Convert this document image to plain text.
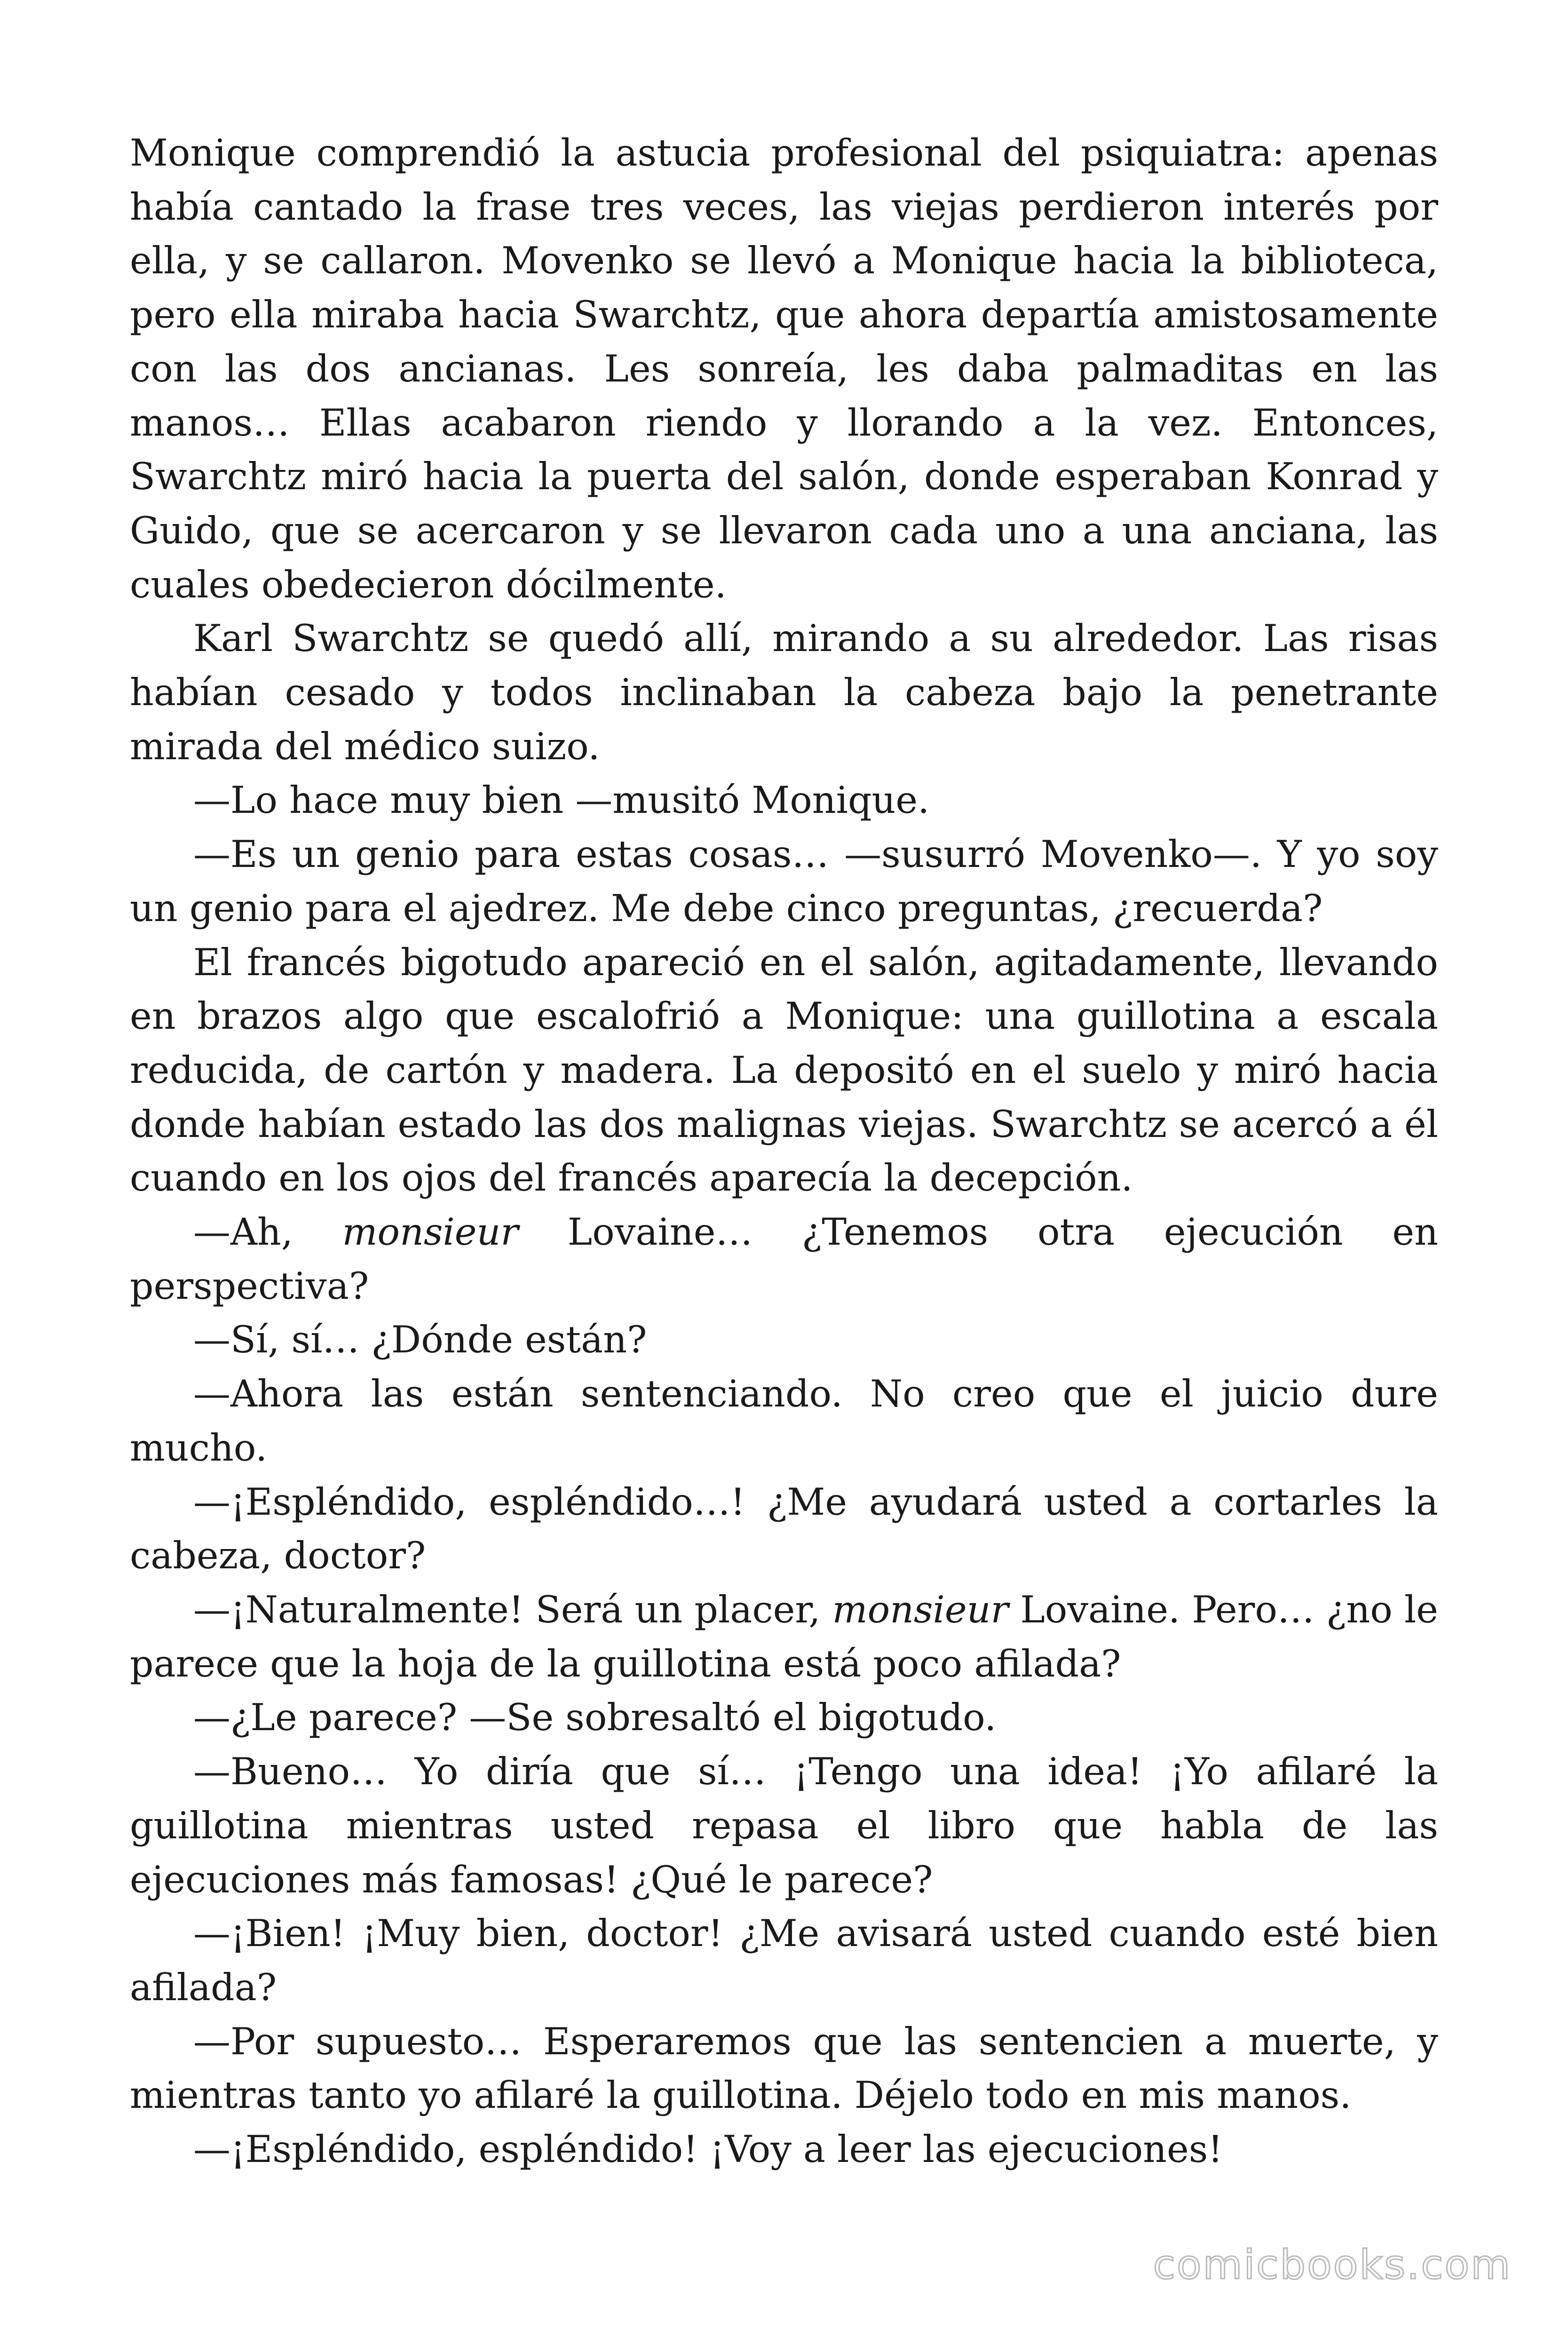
Monique comprendió la astucia profesional del psiquiatra: apenas había cantado la frase tres veces, las viejas perdieron interés por ella, y se callaron. Movenko se llevó a Monique hacia la biblioteca, pero ella miraba hacia Swarchtz, que ahora departía amistosamente con las dos ancianas. Les sonreía, les daba palmaditas en las manos… Ellas acabaron riendo y llorando a la vez. Entonces, Swarchtz miró hacia la puerta del salón, donde esperaban Konrad y Guido, que se acercaron y se llevaron cada uno a una anciana, las cuales obedecieron dócilmente.

Karl Swarchtz se quedó allí, mirando a su alrededor. Las risas habían cesado y todos inclinaban la cabeza bajo la penetrante mirada del médico suizo.

—Lo hace muy bien —musitó Monique.

—Es un genio para estas cosas… —susurró Movenko—. Y yo soy un genio para el ajedrez. Me debe cinco preguntas, ¿recuerda?

El francés bigotudo apareció en el salón, agitadamente, llevando en brazos algo que escalofrió a Monique: una guillotina a escala reducida, de cartón y madera. La depositó en el suelo y miró hacia donde habían estado las dos malignas viejas. Swarchtz se acercó a él cuando en los ojos del francés aparecía la decepción.

—Ah, monsieur Lovaine… ¿Tenemos otra ejecución en perspectiva?

—Sí, sí… ¿Dónde están?

—Ahora las están sentenciando. No creo que el juicio dure mucho.

—¡Espléndido, espléndido…! ¿Me ayudará usted a cortarles la cabeza, doctor?

—¡Naturalmente! Será un placer, monsieur Lovaine. Pero… ¿no le parece que la hoja de la guillotina está poco afilada?

—¿Le parece? —Se sobresaltó el bigotudo.

—Bueno… Yo diría que sí… ¡Tengo una idea! ¡Yo afilaré la guillotina mientras usted repasa el libro que habla de las ejecuciones más famosas! ¿Qué le parece?

—¡Bien! ¡Muy bien, doctor! ¿Me avisará usted cuando esté bien afilada?

—Por supuesto… Esperaremos que las sentencien a muerte, y mientras tanto yo afilaré la guillotina. Déjelo todo en mis manos.

—¡Espléndido, espléndido! ¡Voy a leer las ejecuciones!

comicbooks.com
